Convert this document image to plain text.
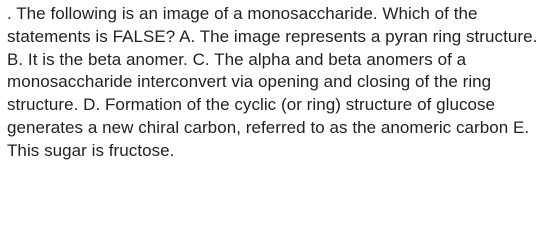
. The following is an image of a monosaccharide. Which of the statements is FALSE? A. The image represents a pyran ring structure. B. It is the beta anomer. C. The alpha and beta anomers of a monosaccharide interconvert via opening and closing of the ring structure. D. Formation of the cyclic (or ring) structure of glucose generates a new chiral carbon, referred to as the anomeric carbon E. This sugar is fructose.
